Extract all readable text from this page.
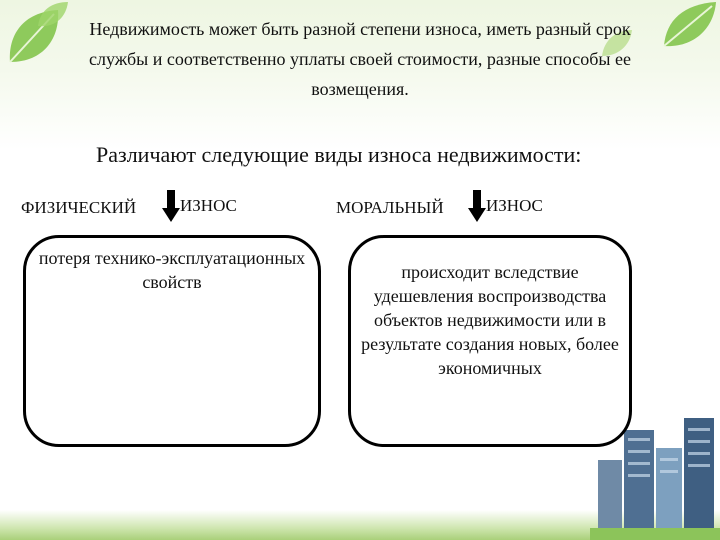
Недвижимость может быть разной степени износа, иметь разный срок службы и соответственно уплаты своей стоимости, разные способы ее возмещения.
Различают следующие виды износа недвижимости:
ФИЗИЧЕСКИЙ	ИЗНОС	МОРАЛЬНЫЙ ИЗНОС
потеря технико-эксплуатационных свойств	происходит вследствие удешевления воспроизводства объектов недвижимости или в результате создания новых, более экономичных
